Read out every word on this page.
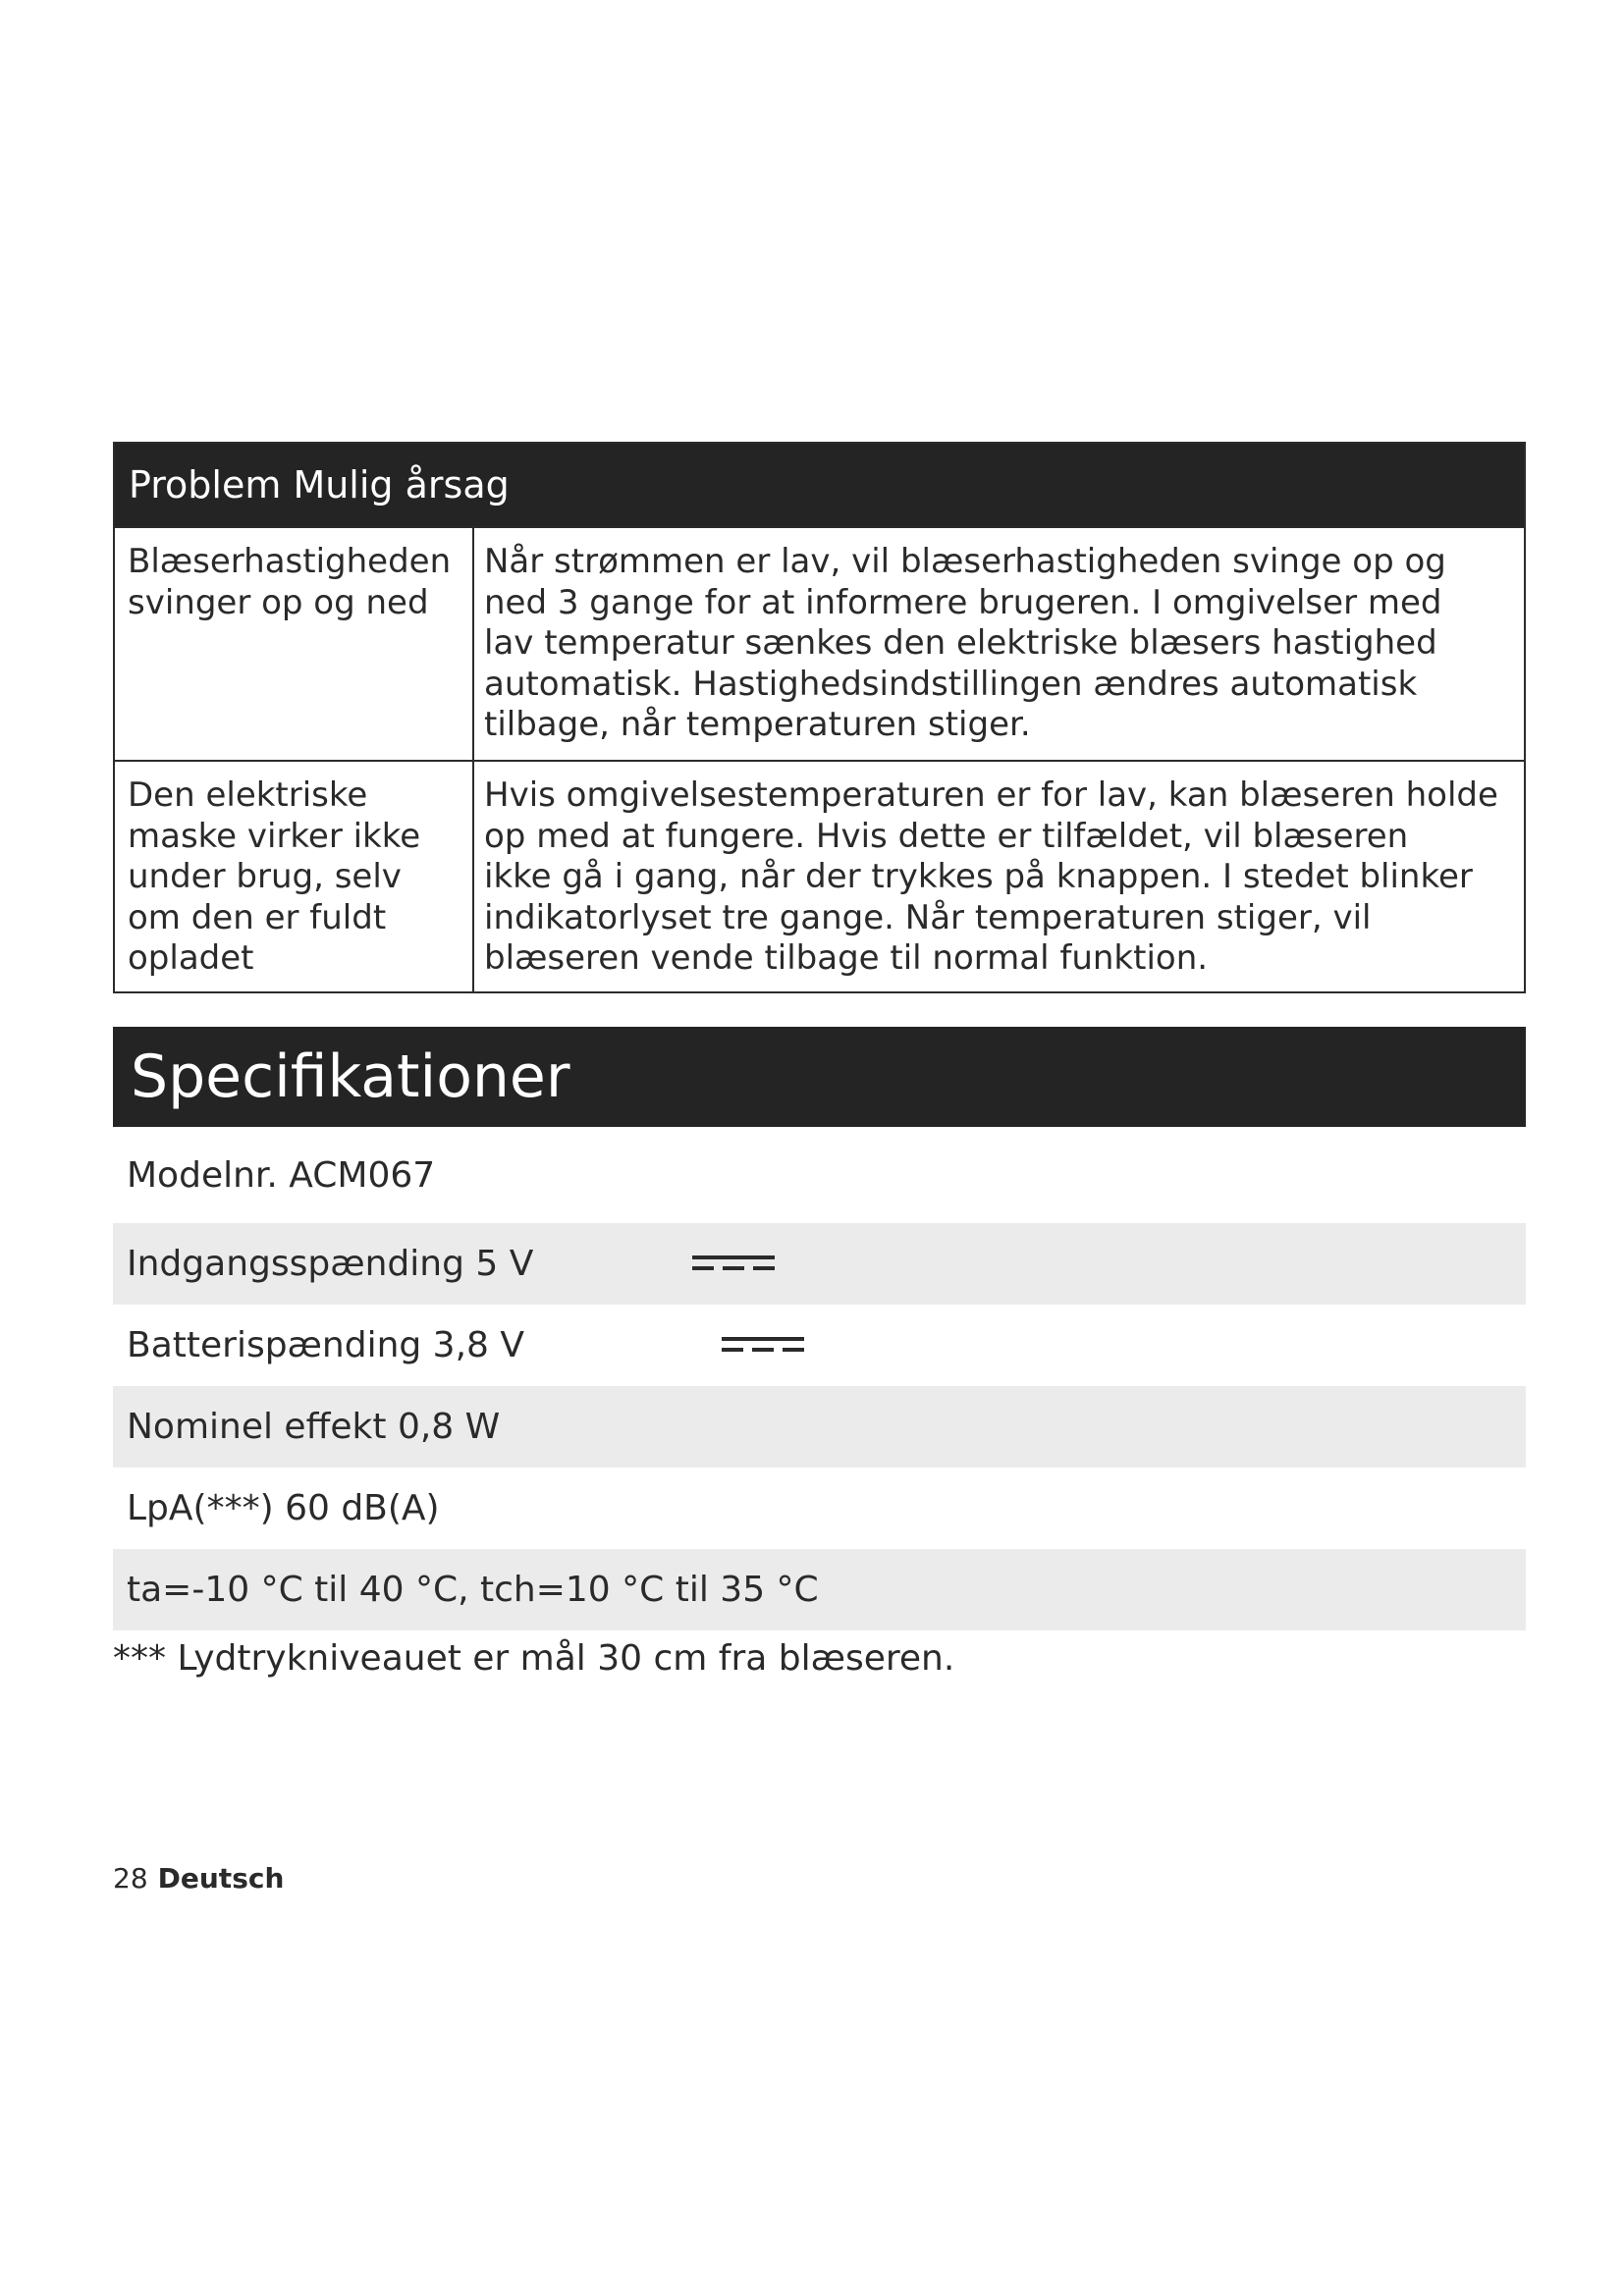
Problem Mulig årsag
Blæserhastigheden
svinger op og ned
Når strømmen er lav, vil blæserhastigheden svinge op og
ned 3 gange for at informere brugeren. I omgivelser med
lav temperatur sænkes den elektriske blæsers hastighed
automatisk. Hastighedsindstillingen ændres automatisk
tilbage, når temperaturen stiger.
Den elektriske
maske virker ikke
under brug, selv
om den er fuldt
opladet
Hvis omgivelsestemperaturen er for lav, kan blæseren holde
op med at fungere. Hvis dette er tilfældet, vil blæseren
ikke gå i gang, når der trykkes på knappen. I stedet blinker
indikatorlyset tre gange. Når temperaturen stiger, vil
blæseren vende tilbage til normal funktion.
Specifikationer
Modelnr. ACM067
Indgangsspænding 5 V
Batterispænding 3,8 V
Nominel effekt 0,8 W
LpA(***) 60 dB(A)
ta=-10 °C til 40 °C, tch=10 °C til 35 °C
*** Lydtrykniveauet er mål 30 cm fra blæseren.
28 Deutsch
